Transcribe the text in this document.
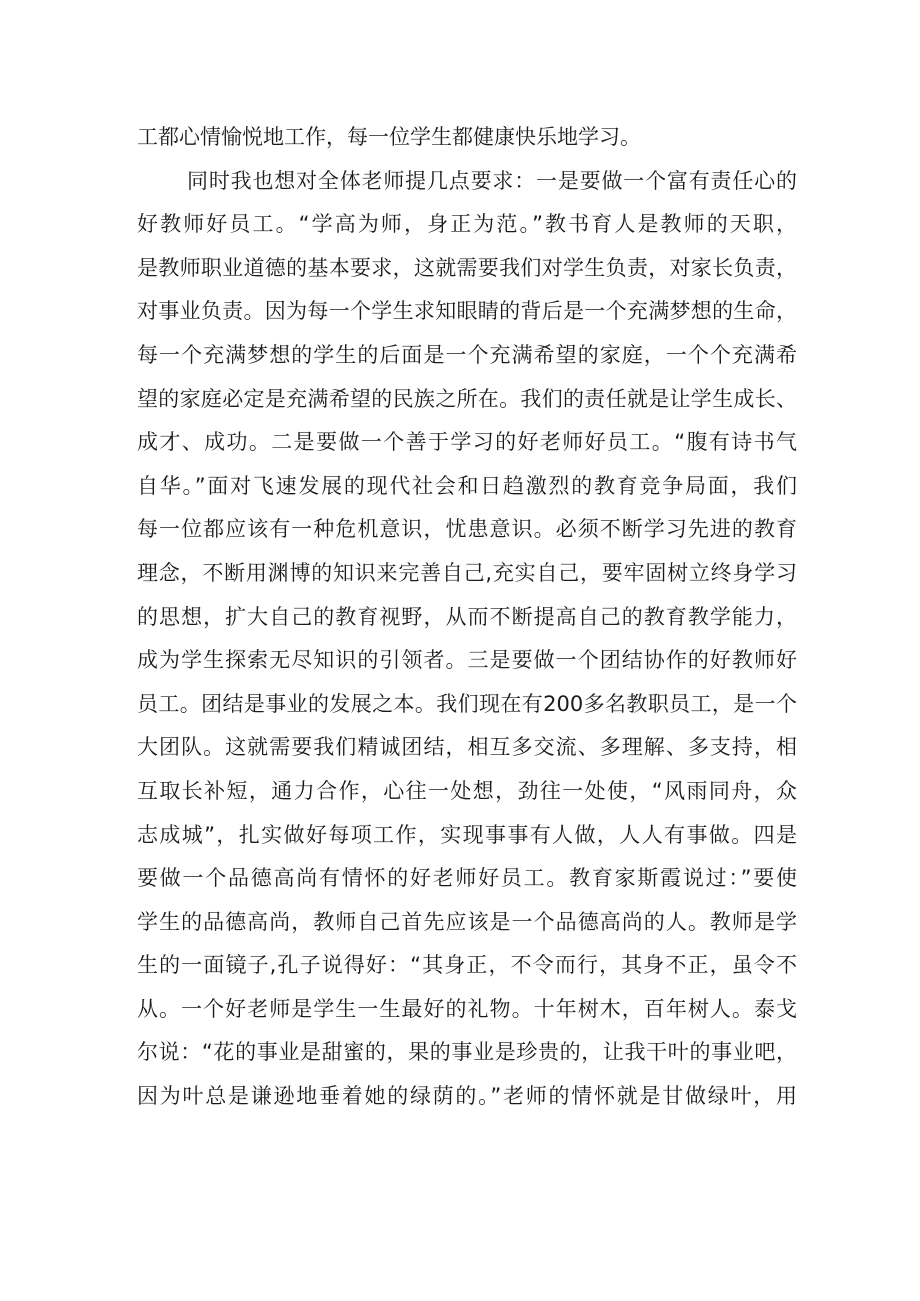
工都心情愉悦地工作，每一位学生都健康快乐地学习。
同时我也想对全体老师提几点要求：一是要做一个富有责任心的
好教师好员工。“学高为师，身正为范。”教书育人是教师的天职，
是教师职业道德的基本要求，这就需要我们对学生负责，对家长负责，
对事业负责。因为每一个学生求知眼睛的背后是一个充满梦想的生命，
每一个充满梦想的学生的后面是一个充满希望的家庭，一个个充满希
望的家庭必定是充满希望的民族之所在。我们的责任就是让学生成长、
成才、成功。二是要做一个善于学习的好老师好员工。“腹有诗书气
自华。”面对飞速发展的现代社会和日趋激烈的教育竞争局面，我们
每一位都应该有一种危机意识，忧患意识。必须不断学习先进的教育
理念，不断用渊博的知识来完善自己,充实自己，要牢固树立终身学习
的思想，扩大自己的教育视野，从而不断提高自己的教育教学能力，
成为学生探索无尽知识的引领者。三是要做一个团结协作的好教师好
员工。团结是事业的发展之本。我们现在有200多名教职员工，是一个
大团队。这就需要我们精诚团结，相互多交流、多理解、多支持，相
互取长补短，通力合作，心往一处想，劲往一处使，“风雨同舟，众
志成城”，扎实做好每项工作，实现事事有人做，人人有事做。四是
要做一个品德高尚有情怀的好老师好员工。教育家斯霞说过：”要使
学生的品德高尚，教师自己首先应该是一个品德高尚的人。教师是学
生的一面镜子,孔子说得好：“其身正，不令而行，其身不正，虽令不
从。一个好老师是学生一生最好的礼物。十年树木，百年树人。泰戈
尔说：“花的事业是甜蜜的，果的事业是珍贵的，让我干叶的事业吧，
因为叶总是谦逊地垂着她的绿荫的。”老师的情怀就是甘做绿叶，用
